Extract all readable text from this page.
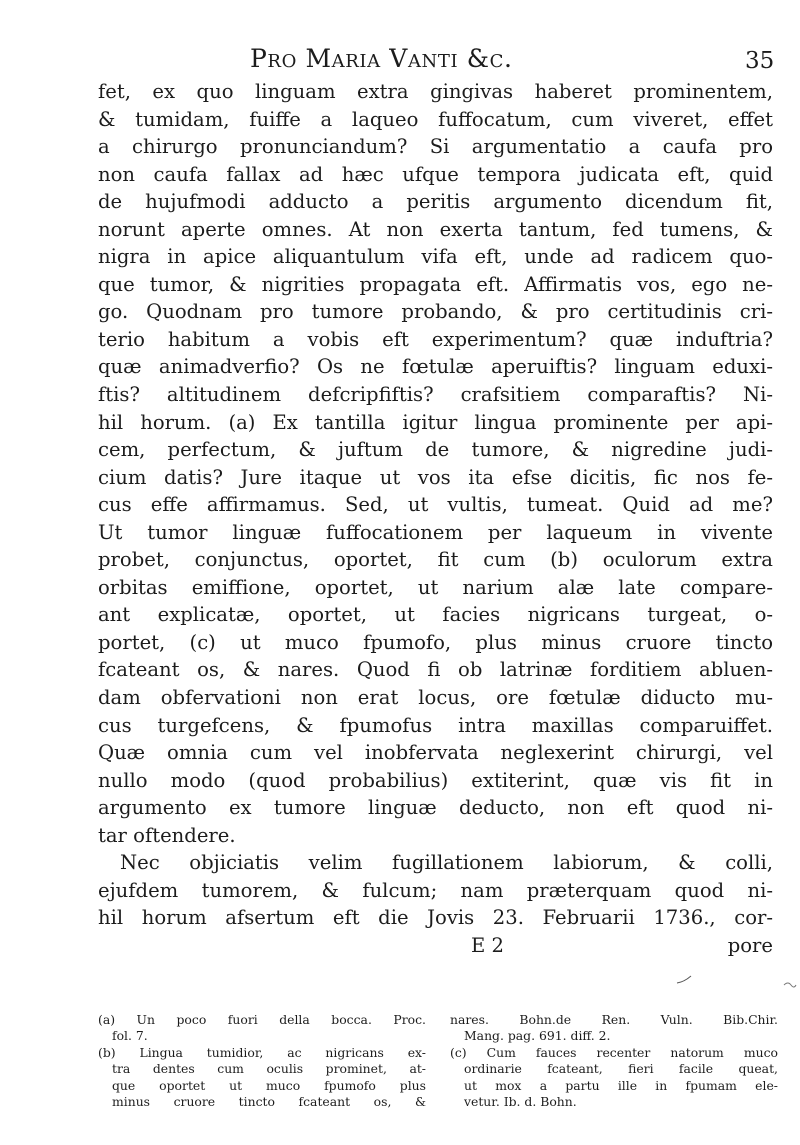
Pro Maria Vanti &c.	35
fet, ex quo linguam extra gingivas haberet prominentem,
& tumidam, fuiffe a laqueo fuffocatum, cum viveret, effet
a chirurgo pronunciandum? Si argumentatio a caufa pro
non caufa fallax ad hæc ufque tempora judicata eft, quid
de hujufmodi adducto a peritis argumento dicendum fit,
norunt aperte omnes. At non exerta tantum, fed tumens, &
nigra in apice aliquantulum vifa eft, unde ad radicem quo-
que tumor, & nigrities propagata eft. Affirmatis vos, ego ne-
go. Quodnam pro tumore probando, & pro certitudinis cri-
terio habitum a vobis eft experimentum? quæ induftria?
quæ animadverfio? Os ne fœtulæ aperuiftis? linguam eduxi-
ftis? altitudinem defcripfiftis? crafsitiem comparaftis? Ni-
hil horum. (a) Ex tantilla igitur lingua prominente per api-
cem, perfectum, & juftum de tumore, & nigredine judi-
cium datis? Jure itaque ut vos ita efse dicitis, fic nos fe-
cus effe affirmamus. Sed, ut vultis, tumeat. Quid ad me?
Ut tumor linguæ fuffocationem per laqueum in vivente
probet, conjunctus, oportet, fit cum (b) oculorum extra
orbitas emiffione, oportet, ut narium alæ late compare-
ant explicatæ, oportet, ut facies nigricans turgeat, o-
portet, (c) ut muco fpumofo, plus minus cruore tincto
fcateant os, & nares. Quod fi ob latrinæ forditiem abluen-
dam obfervationi non erat locus, ore fœtulæ diducto mu-
cus turgefcens, & fpumofus intra maxillas comparuiffet.
Quæ omnia cum vel inobfervata neglexerint chirurgi, vel
nullo modo (quod probabilius) extiterint, quæ vis fit in
argumento ex tumore linguæ deducto, non eft quod ni-
tar oftendere.
Nec objiciatis velim fugillationem labiorum, & colli,
ejufdem tumorem, & fulcum; nam præterquam quod ni-
hil horum afsertum eft die Jovis 23. Februarii 1736., cor-
E 2	pore
(a) Un poco fuori della bocca. Proc.
fol. 7.
(b) Lingua tumidior, ac nigricans ex-
tra dentes cum oculis prominet, at-
que oportet ut muco fpumofo plus
minus cruore tincto fcateant os, &
nares. Bohn.de Ren. Vuln. Bib.Chir.
Mang. pag. 691. diff. 2.
(c) Cum fauces recenter natorum muco
ordinarie fcateant, fieri facile queat,
ut mox a partu ille in fpumam ele-
vetur. Ib. d. Bohn.
